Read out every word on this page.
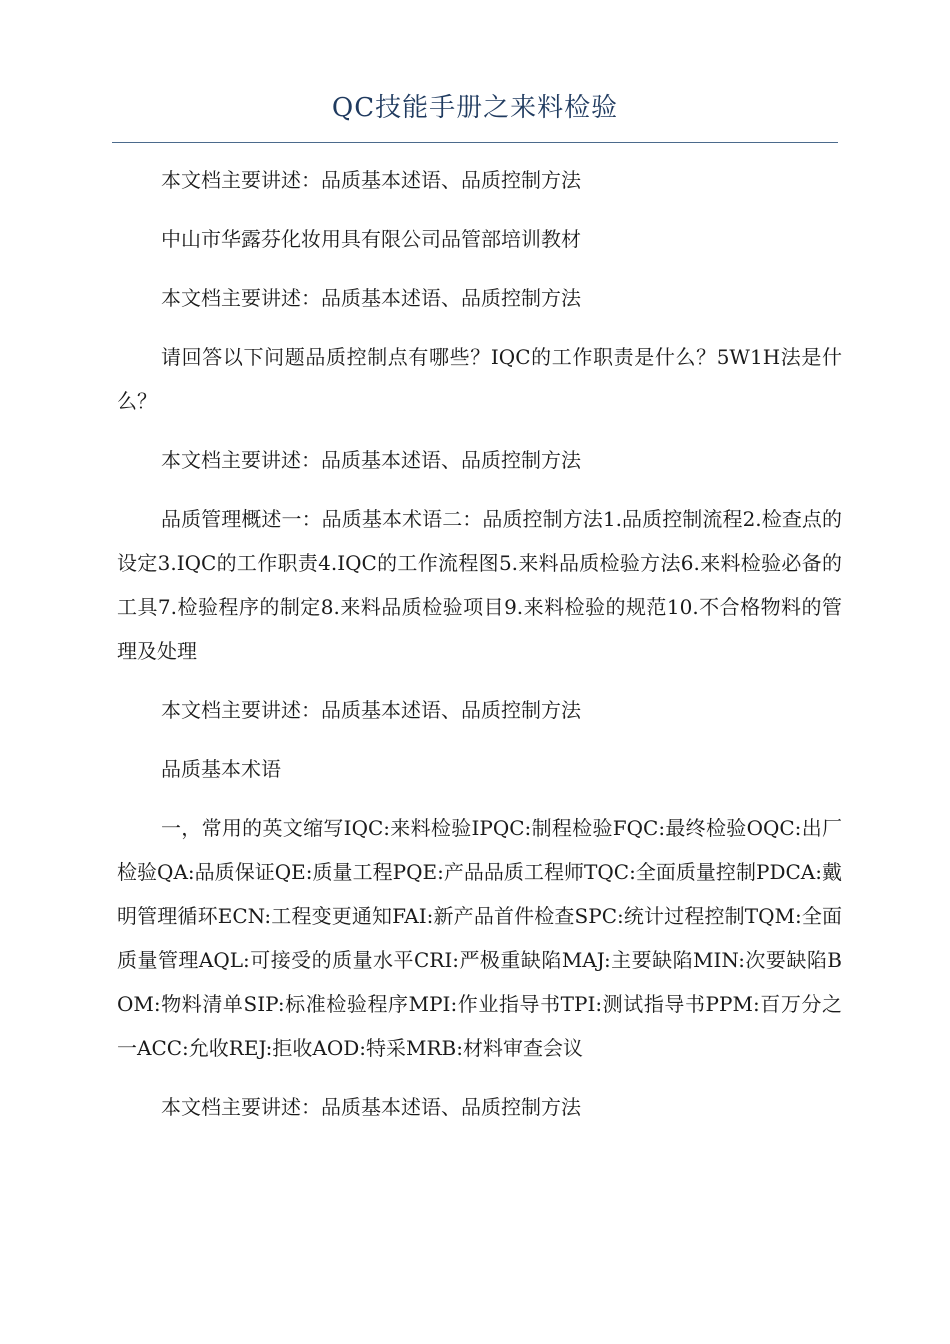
QC技能手册之来料检验

本文档主要讲述：品质基本述语、品质控制方法

中山市华露芬化妆用具有限公司品管部培训教材

本文档主要讲述：品质基本述语、品质控制方法

请回答以下问题品质控制点有哪些？IQC的工作职责是什么？5W1H法是什么？

本文档主要讲述：品质基本述语、品质控制方法

品质管理概述一：品质基本术语二：品质控制方法1.品质控制流程2.检查点的设定3.IQC的工作职责4.IQC的工作流程图5.来料品质检验方法6.来料检验必备的工具7.检验程序的制定8.来料品质检验项目9.来料检验的规范10.不合格物料的管理及处理

本文档主要讲述：品质基本述语、品质控制方法

品质基本术语

一，常用的英文缩写IQC:来料检验IPQC:制程检验FQC:最终检验OQC:出厂检验QA:品质保证QE:质量工程PQE:产品品质工程师TQC:全面质量控制PDCA:戴明管理循环ECN:工程变更通知FAI:新产品首件检查SPC:统计过程控制TQM:全面质量管理AQL:可接受的质量水平CRI:严极重缺陷MAJ:主要缺陷MIN:次要缺陷BOM:物料清单SIP:标准检验程序MPI:作业指导书TPI:测试指导书PPM:百万分之一ACC:允收REJ:拒收AOD:特采MRB:材料审查会议

本文档主要讲述：品质基本述语、品质控制方法
